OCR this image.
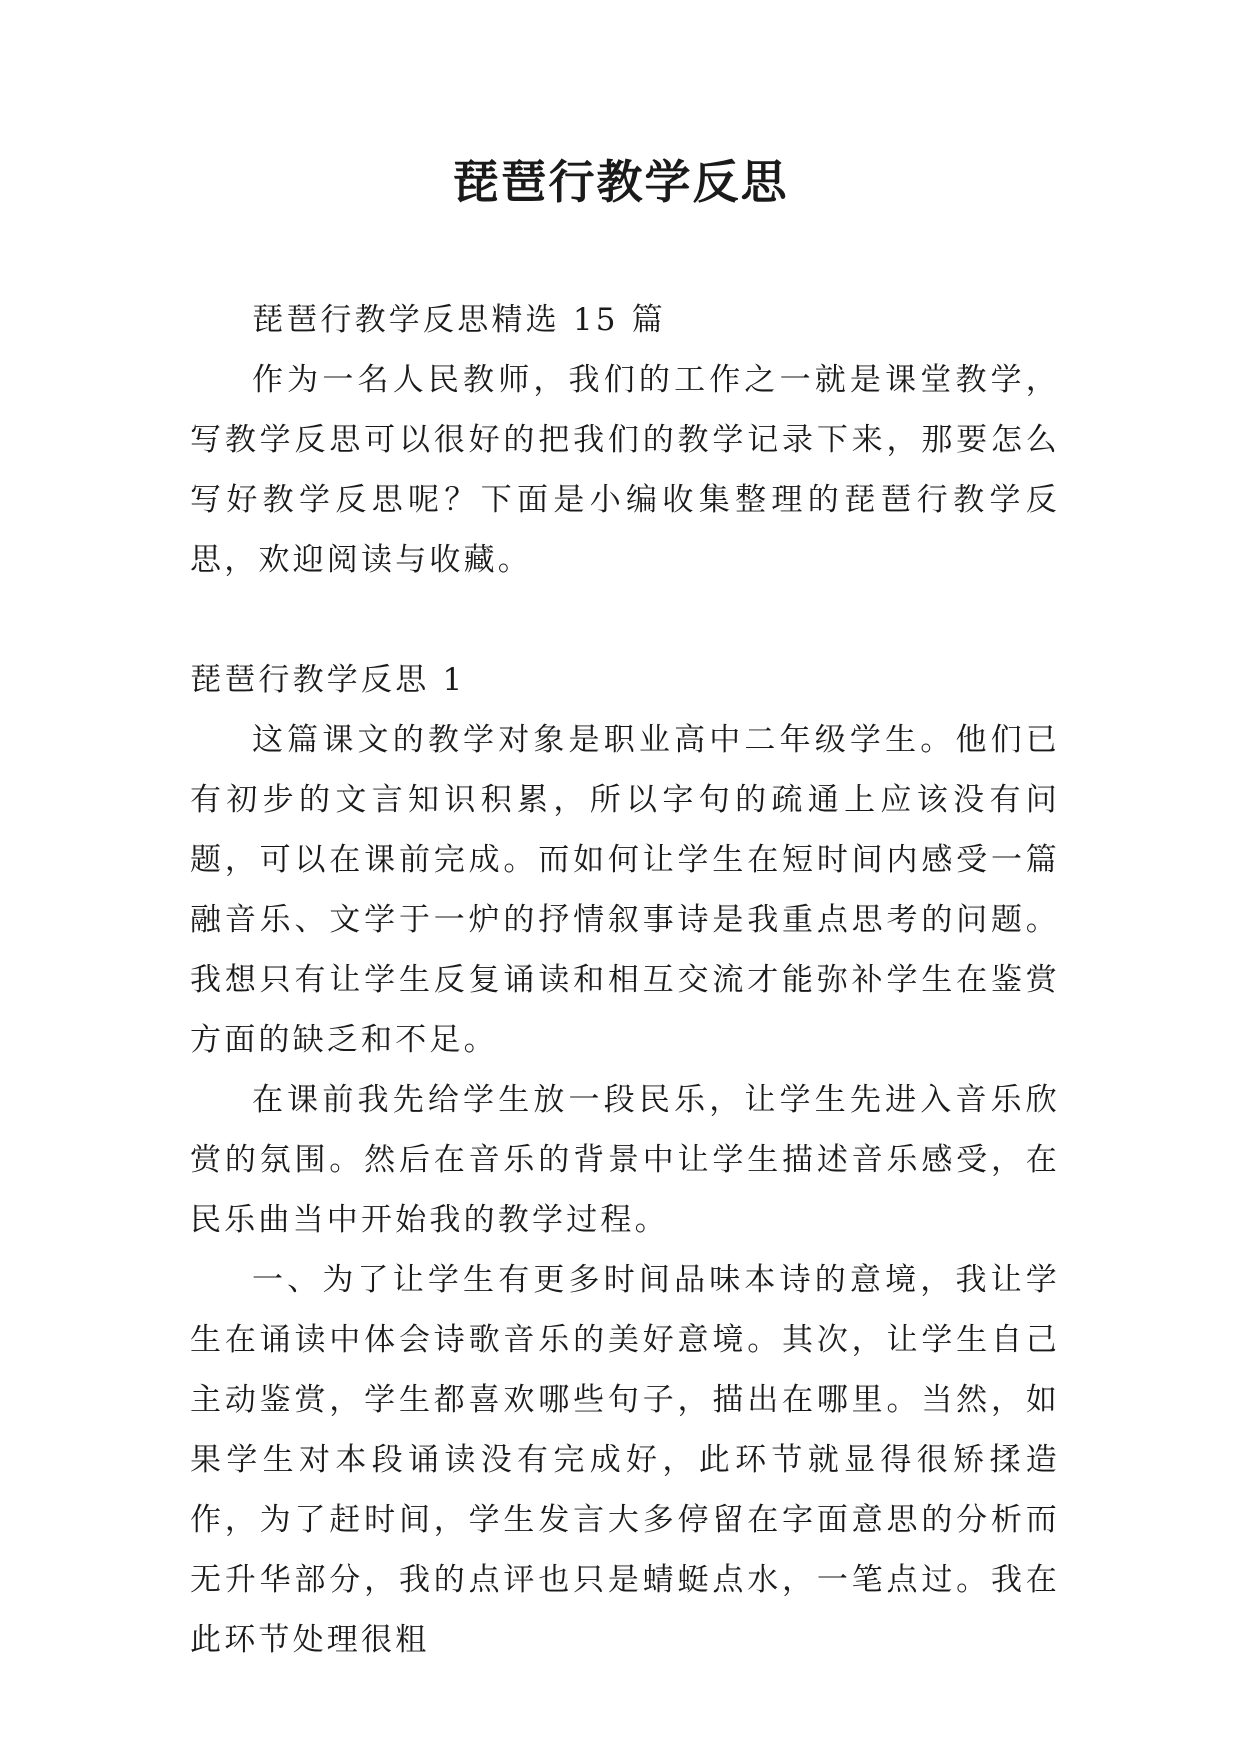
琵琶行教学反思

琵琶行教学反思精选 15 篇

作为一名人民教师，我们的工作之一就是课堂教学，写教学反思可以很好的把我们的教学记录下来，那要怎么写好教学反思呢？下面是小编收集整理的琵琶行教学反思，欢迎阅读与收藏。

琵琶行教学反思 1

这篇课文的教学对象是职业高中二年级学生。他们已有初步的文言知识积累，所以字句的疏通上应该没有问题，可以在课前完成。而如何让学生在短时间内感受一篇融音乐、文学于一炉的抒情叙事诗是我重点思考的问题。我想只有让学生反复诵读和相互交流才能弥补学生在鉴赏方面的缺乏和不足。

在课前我先给学生放一段民乐，让学生先进入音乐欣赏的氛围。然后在音乐的背景中让学生描述音乐感受，在民乐曲当中开始我的教学过程。

一、为了让学生有更多时间品味本诗的意境，我让学生在诵读中体会诗歌音乐的美好意境。其次，让学生自己主动鉴赏，学生都喜欢哪些句子，描出在哪里。当然，如果学生对本段诵读没有完成好，此环节就显得很矫揉造作，为了赶时间，学生发言大多停留在字面意思的分析而无升华部分，我的点评也只是蜻蜓点水，一笔点过。我在此环节处理很粗
